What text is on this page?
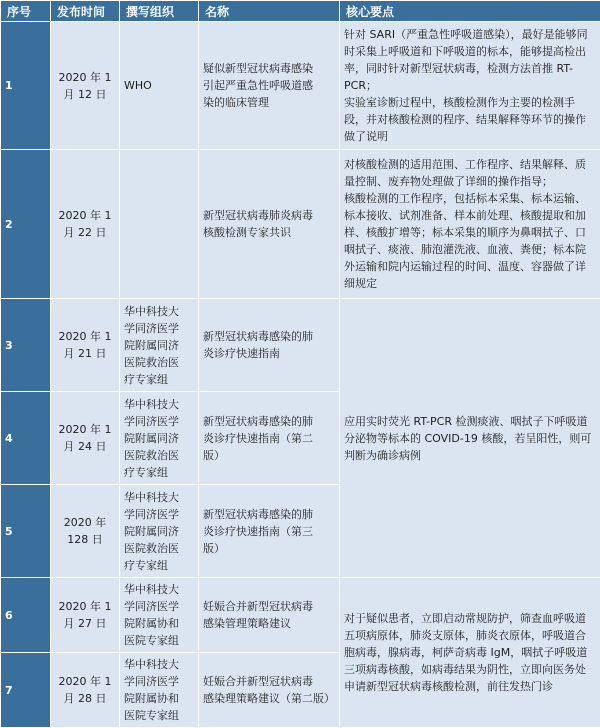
序号	发布时间	撰写组织	名称	核心要点
1	2020 年 1
月 12 日	WHO	疑似新型冠状病毒感染
引起严重急性呼吸道感
染的临床管理	针对 SARI（严重急性呼吸道感染），最好是能够同时采集上呼吸道和下呼吸道的标本，能够提高检出率，同时针对新型冠状病毒，检测方法首推 RT-PCR；
实验室诊断过程中，核酸检测作为主要的检测手段，并对核酸检测的程序、结果解释等环节的操作做了说明

2	2020 年 1
月 22 日		新型冠状病毒肺炎病毒
核酸检测专家共识	对核酸检测的适用范围、工作程序、结果解释、质量控制、废弃物处理做了详细的操作指导；
核酸检测的工作程序，包括标本采集、标本运输、标本接收、试剂准备、样本前处理、核酸提取和加样、核酸扩增等；标本采集的顺序为鼻咽拭子、口咽拭子、痰液、肺泡灌洗液、血液、粪便；标本院外运输和院内运输过程的时间、温度、容器做了详细规定

3	2020 年 1
月 21 日	华中科技大
学同济医学
院附属同济
医院救治医
疗专家组	新型冠状病毒感染的肺
炎诊疗快速指南	应用实时荧光 RT-PCR 检测痰液、咽拭子下呼吸道分泌物等标本的 COVID-19 核酸，若呈阳性，则可判断为确诊病例

4	2020 年 1
月 24 日	华中科技大
学同济医学
院附属同济
医院救治医
疗专家组	新型冠状病毒感染的肺
炎诊疗快速指南（第二
版）	

5	2020 年
128 日	华中科技大
学同济医学
院附属同济
医院救治医
疗专家组	新型冠状病毒感染的肺
炎诊疗快速指南（第三
版）	

6	2020 年 1
月 27 日	华中科技大
学同济医学
院附属协和
医院专家组	妊娠合并新型冠状病毒
感染管理策略建议	对于疑似患者，立即启动常规防护，筛查血呼吸道五项病原体，肺炎支原体，肺炎衣原体，呼吸道合胞病毒，腺病毒，柯萨奇病毒 IgM，咽拭子呼吸道三项病毒核酸，如病毒结果为阴性，立即向医务处申请新型冠状病毒核酸检测，前往发热门诊

7	2020 年 1
月 28 日	华中科技大
学同济医学
院附属协和
医院专家组	妊娠合并新型冠状病毒
感染理策略建议（第二版）	
